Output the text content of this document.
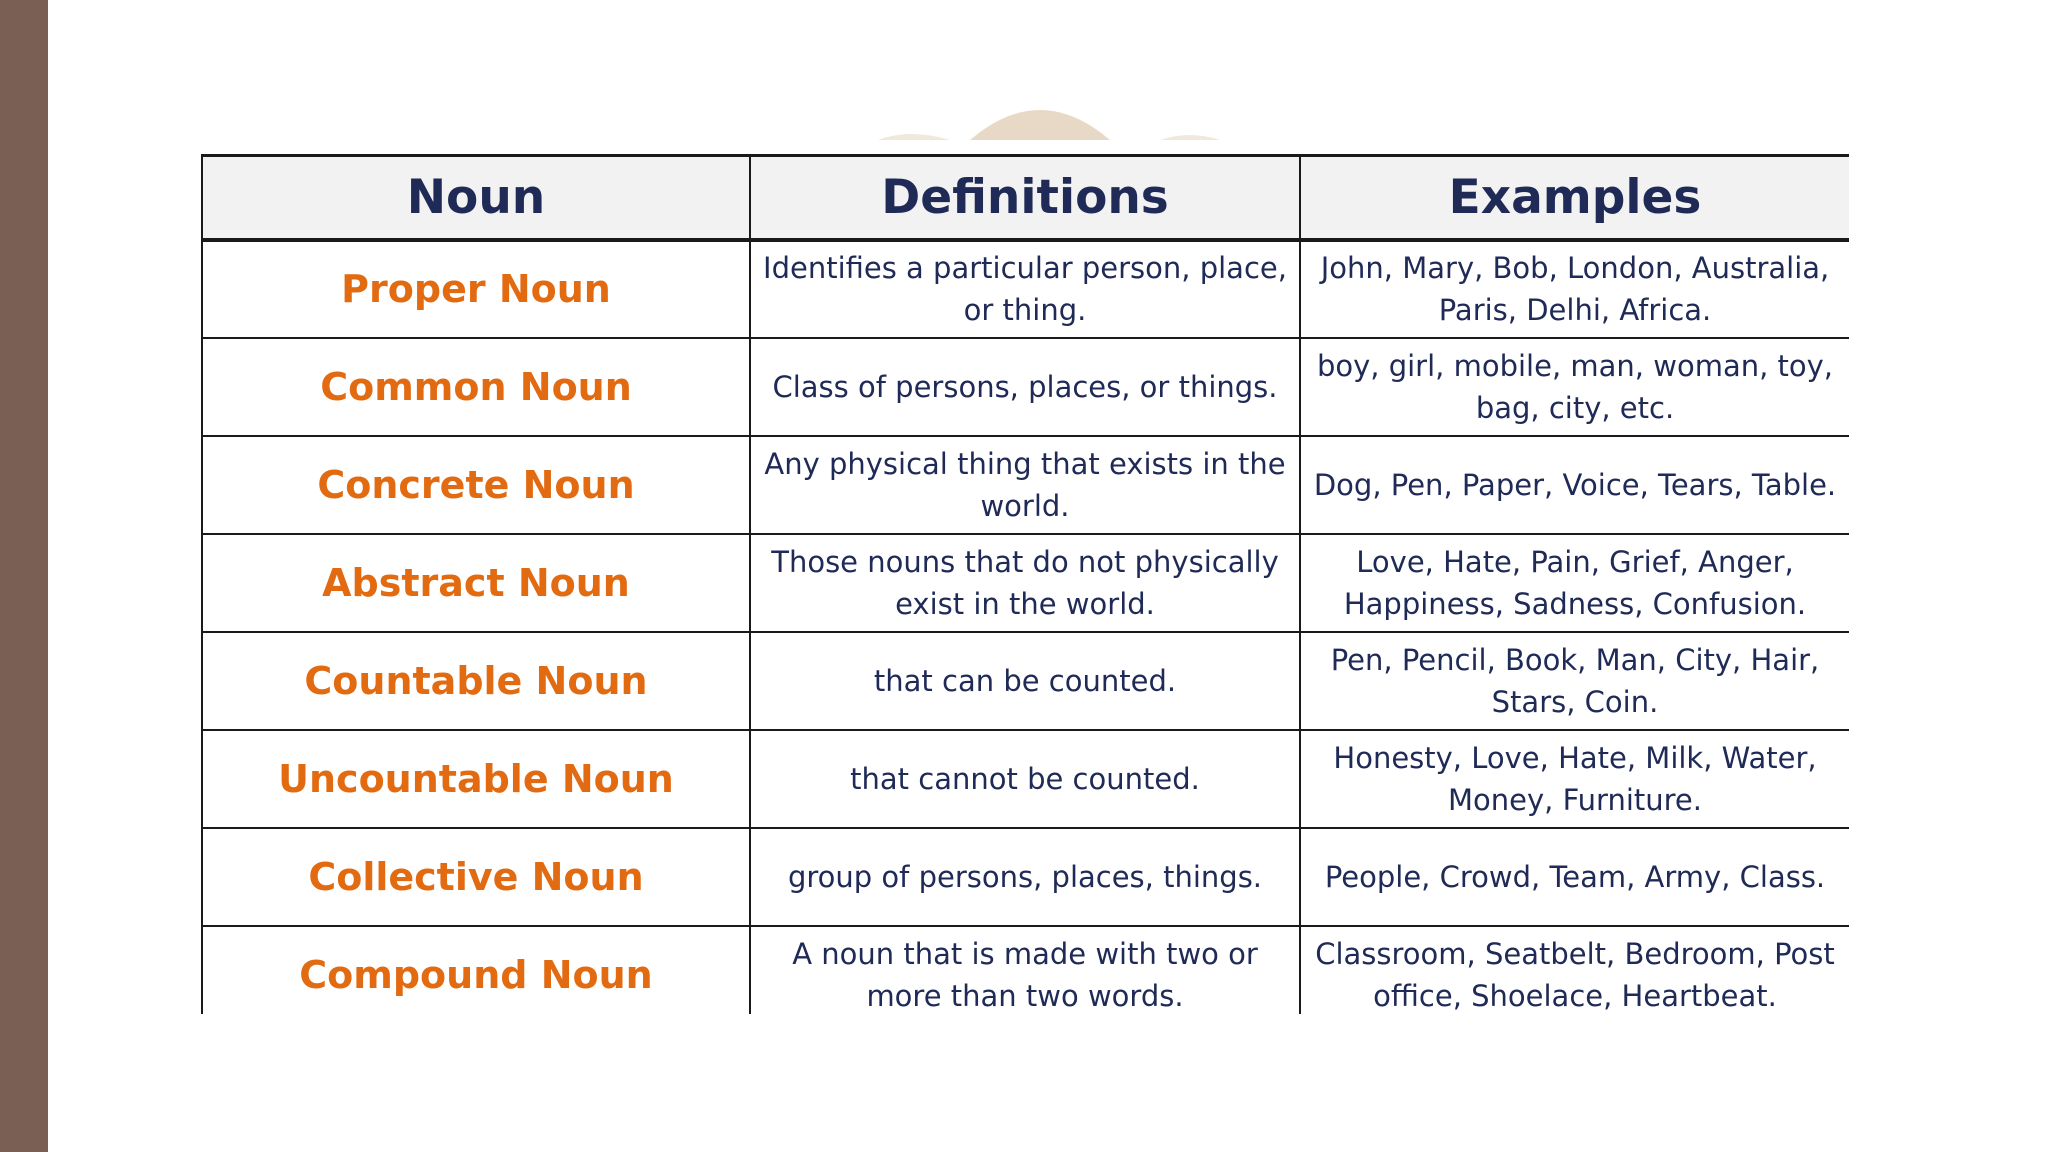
Noun	Definitions	Examples
Proper Noun	Identifies a particular person, place, or thing.	John, Mary, Bob, London, Australia, Paris, Delhi, Africa.
Common Noun	Class of persons, places, or things.	boy, girl, mobile, man, woman, toy, bag, city, etc.
Concrete Noun	Any physical thing that exists in the world.	Dog, Pen, Paper, Voice, Tears, Table.
Abstract Noun	Those nouns that do not physically exist in the world.	Love, Hate, Pain, Grief, Anger, Happiness, Sadness, Confusion.
Countable Noun	that can be counted.	Pen, Pencil, Book, Man, City, Hair, Stars, Coin.
Uncountable Noun	that cannot be counted.	Honesty, Love, Hate, Milk, Water, Money, Furniture.
Collective Noun	group of persons, places, things.	People, Crowd, Team, Army, Class.
Compound Noun	A noun that is made with two or more than two words.	Classroom, Seatbelt, Bedroom, Post office, Shoelace, Heartbeat.
